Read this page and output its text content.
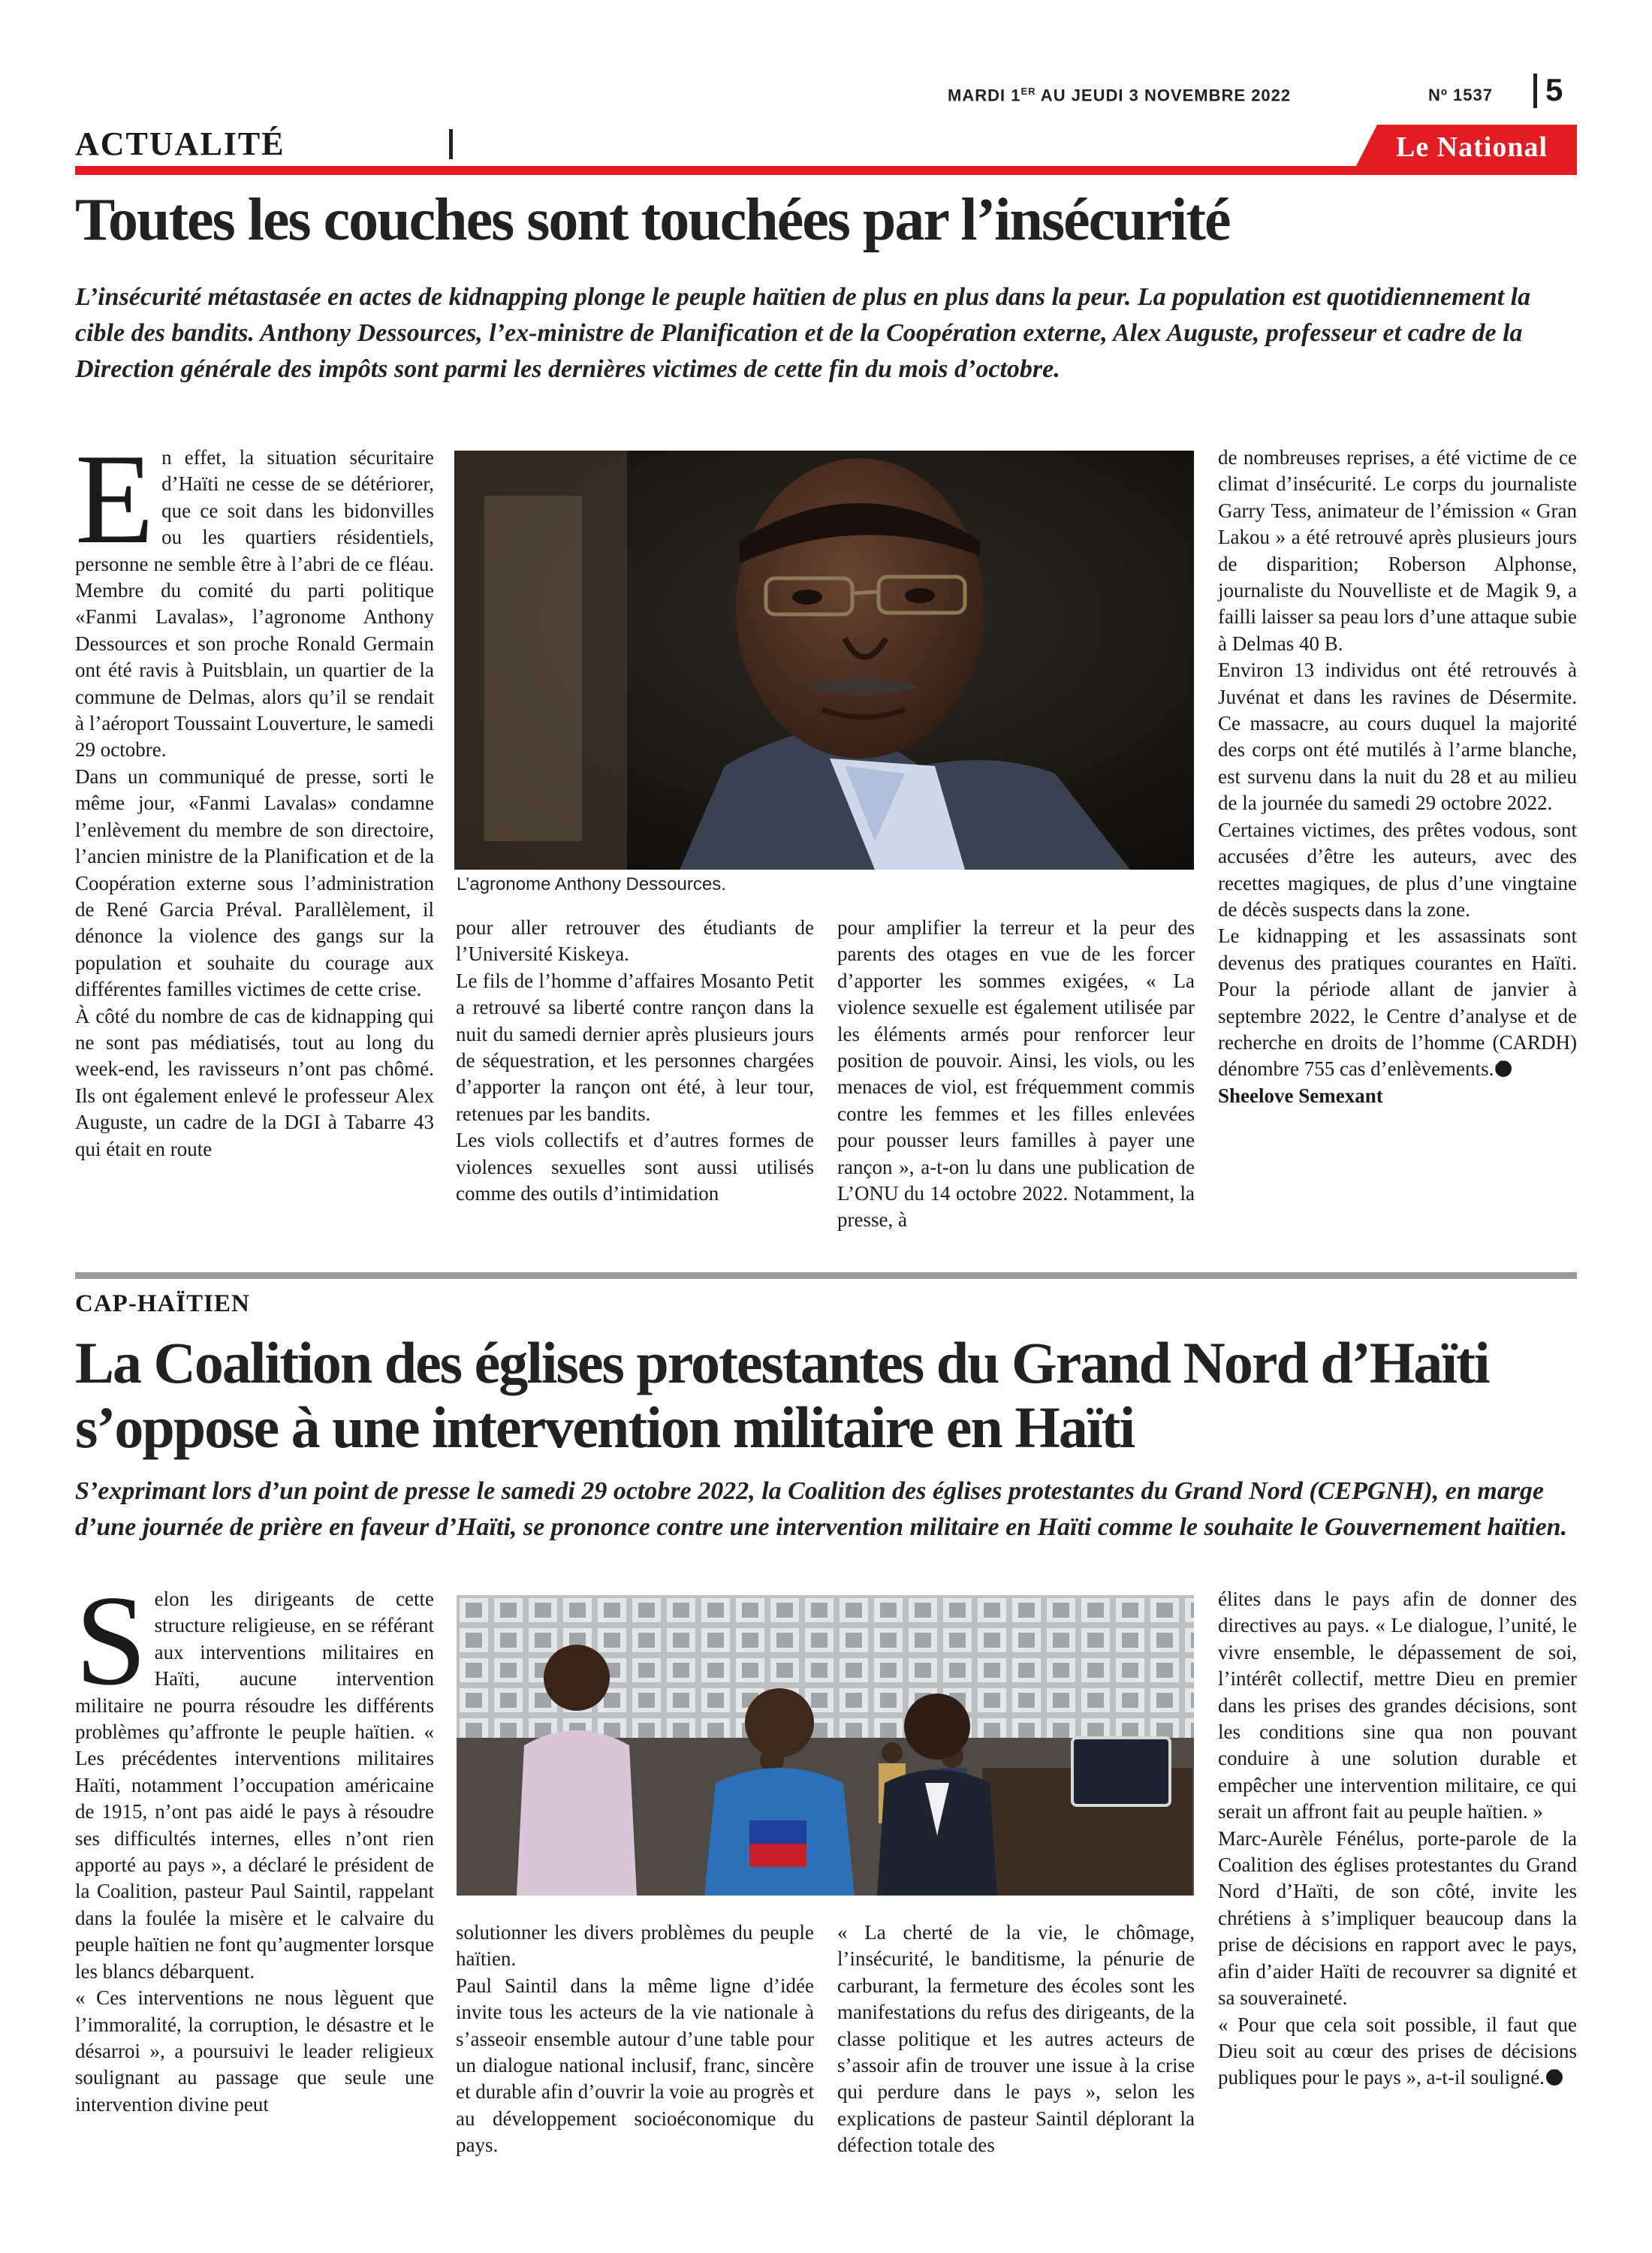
MARDI 1ER AU JEUDI 3 NOVEMBRE 2022	Nº 1537 5
ACTUALITÉ	Le National
Toutes les couches sont touchées par l’insécurité
L’insécurité métastasée en actes de kidnapping plonge le peuple haïtien de plus en plus dans la peur. La population est quotidiennement la cible des bandits. Anthony Dessources, l’ex-ministre de Planification et de la Coopération externe, Alex Auguste, professeur et cadre de la Direction générale des impôts sont parmi les dernières victimes de cette fin du mois d’octobre.
E n effet, la situation sécuritaire d’Haïti ne cesse de se détériorer, que ce soit dans les bidonvilles ou les quartiers résidentiels, personne ne semble être à l’abri de ce fléau. Membre du comité du parti politique «Fanmi Lavalas», l’agronome Anthony Dessources et son proche Ronald Germain ont été ravis à Puitsblain, un quartier de la commune de Delmas, alors qu’il se rendait à l’aéroport Toussaint Louverture, le samedi 29 octobre.

Dans un communiqué de presse, sorti le même jour, «Fanmi Lavalas» condamne l’enlèvement du membre de son directoire, l’ancien ministre de la Planification et de la Coopération externe sous l’administration de René Garcia Préval. Parallèlement, il dénonce la violence des gangs sur la population et souhaite du courage aux différentes familles victimes de cette crise.

À côté du nombre de cas de kidnapping qui ne sont pas médiatisés, tout au long du week-end, les ravisseurs n’ont pas chômé. Ils ont également enlevé le professeur Alex Auguste, un cadre de la DGI à Tabarre 43 qui était en route

L’agronome Anthony Dessources.

pour aller retrouver des étudiants de l’Université Kiskeya.

Le fils de l’homme d’affaires Mosanto Petit a retrouvé sa liberté contre rançon dans la nuit du samedi dernier après plusieurs jours de séquestration, et les personnes chargées d’apporter la rançon ont été, à leur tour, retenues par les bandits.

Les viols collectifs et d’autres formes de violences sexuelles sont aussi utilisés comme des outils d’intimidation

pour amplifier la terreur et la peur des parents des otages en vue de les forcer d’apporter les sommes exigées, « La violence sexuelle est également utilisée par les éléments armés pour renforcer leur position de pouvoir. Ainsi, les viols, ou les menaces de viol, est fréquemment commis contre les femmes et les filles enlevées pour pousser leurs familles à payer une rançon », a-t-on lu dans une publication de L’ONU du 14 octobre 2022. Notamment, la presse, à

de nombreuses reprises, a été victime de ce climat d’insécurité. Le corps du journaliste Garry Tess, animateur de l’émission « Gran Lakou » a été retrouvé après plusieurs jours de disparition; Roberson Alphonse, journaliste du Nouvelliste et de Magik 9, a failli laisser sa peau lors d’une attaque subie à Delmas 40 B.

Environ 13 individus ont été retrouvés à Juvénat et dans les ravines de Désermite. Ce massacre, au cours duquel la majorité des corps ont été mutilés à l’arme blanche, est survenu dans la nuit du 28 et au milieu de la journée du samedi 29 octobre 2022.

Certaines victimes, des prêtes vodous, sont accusées d’être les auteurs, avec des recettes magiques, de plus d’une vingtaine de décès suspects dans la zone.

Le kidnapping et les assassinats sont devenus des pratiques courantes en Haïti. Pour la période allant de janvier à septembre 2022, le Centre d’analyse et de recherche en droits de l’homme (CARDH) dénombre 755 cas d’enlèvements.

Sheelove Semexant

CAP-HAÏTIEN
La Coalition des églises protestantes du Grand Nord d’Haïti s’oppose à une intervention militaire en Haïti
S’exprimant lors d’un point de presse le samedi 29 octobre 2022, la Coalition des églises protestantes du Grand Nord (CEPGNH), en marge d’une journée de prière en faveur d’Haïti, se prononce contre une intervention militaire en Haïti comme le souhaite le Gouvernement haïtien.
S elon les dirigeants de cette structure religieuse, en se référant aux interventions militaires en Haïti, aucune intervention militaire ne pourra résoudre les différents problèmes qu’affronte le peuple haïtien. « Les précédentes interventions militaires Haïti, notamment l’occupation américaine de 1915, n’ont pas aidé le pays à résoudre ses difficultés internes, elles n’ont rien apporté au pays », a déclaré le président de la Coalition, pasteur Paul Saintil, rappelant dans la foulée la misère et le calvaire du peuple haïtien ne font qu’augmenter lorsque les blancs débarquent.

« Ces interventions ne nous lèguent que l’immoralité, la corruption, le désastre et le désarroi », a poursuivi le leader religieux soulignant au passage que seule une intervention divine peut

solutionner les divers problèmes du peuple haïtien.

Paul Saintil dans la même ligne d’idée invite tous les acteurs de la vie nationale à s’asseoir ensemble autour d’une table pour un dialogue national inclusif, franc, sincère et durable afin d’ouvrir la voie au progrès et au développement socioéconomique du pays.

« La cherté de la vie, le chômage, l’insécurité, le banditisme, la pénurie de carburant, la fermeture des écoles sont les manifestations du refus des dirigeants, de la classe politique et les autres acteurs de s’assoir afin de trouver une issue à la crise qui perdure dans le pays », selon les explications de pasteur Saintil déplorant la défection totale des

élites dans le pays afin de donner des directives au pays. « Le dialogue, l’unité, le vivre ensemble, le dépassement de soi, l’intérêt collectif, mettre Dieu en premier dans les prises des grandes décisions, sont les conditions sine qua non pouvant conduire à une solution durable et empêcher une intervention militaire, ce qui serait un affront fait au peuple haïtien. »

Marc-Aurèle Fénélus, porte-parole de la Coalition des églises protestantes du Grand Nord d’Haïti, de son côté, invite les chrétiens à s’impliquer beaucoup dans la prise de décisions en rapport avec le pays, afin d’aider Haïti de recouvrer sa dignité et sa souveraineté.

« Pour que cela soit possible, il faut que Dieu soit au cœur des prises de décisions publiques pour le pays », a-t-il souligné.
